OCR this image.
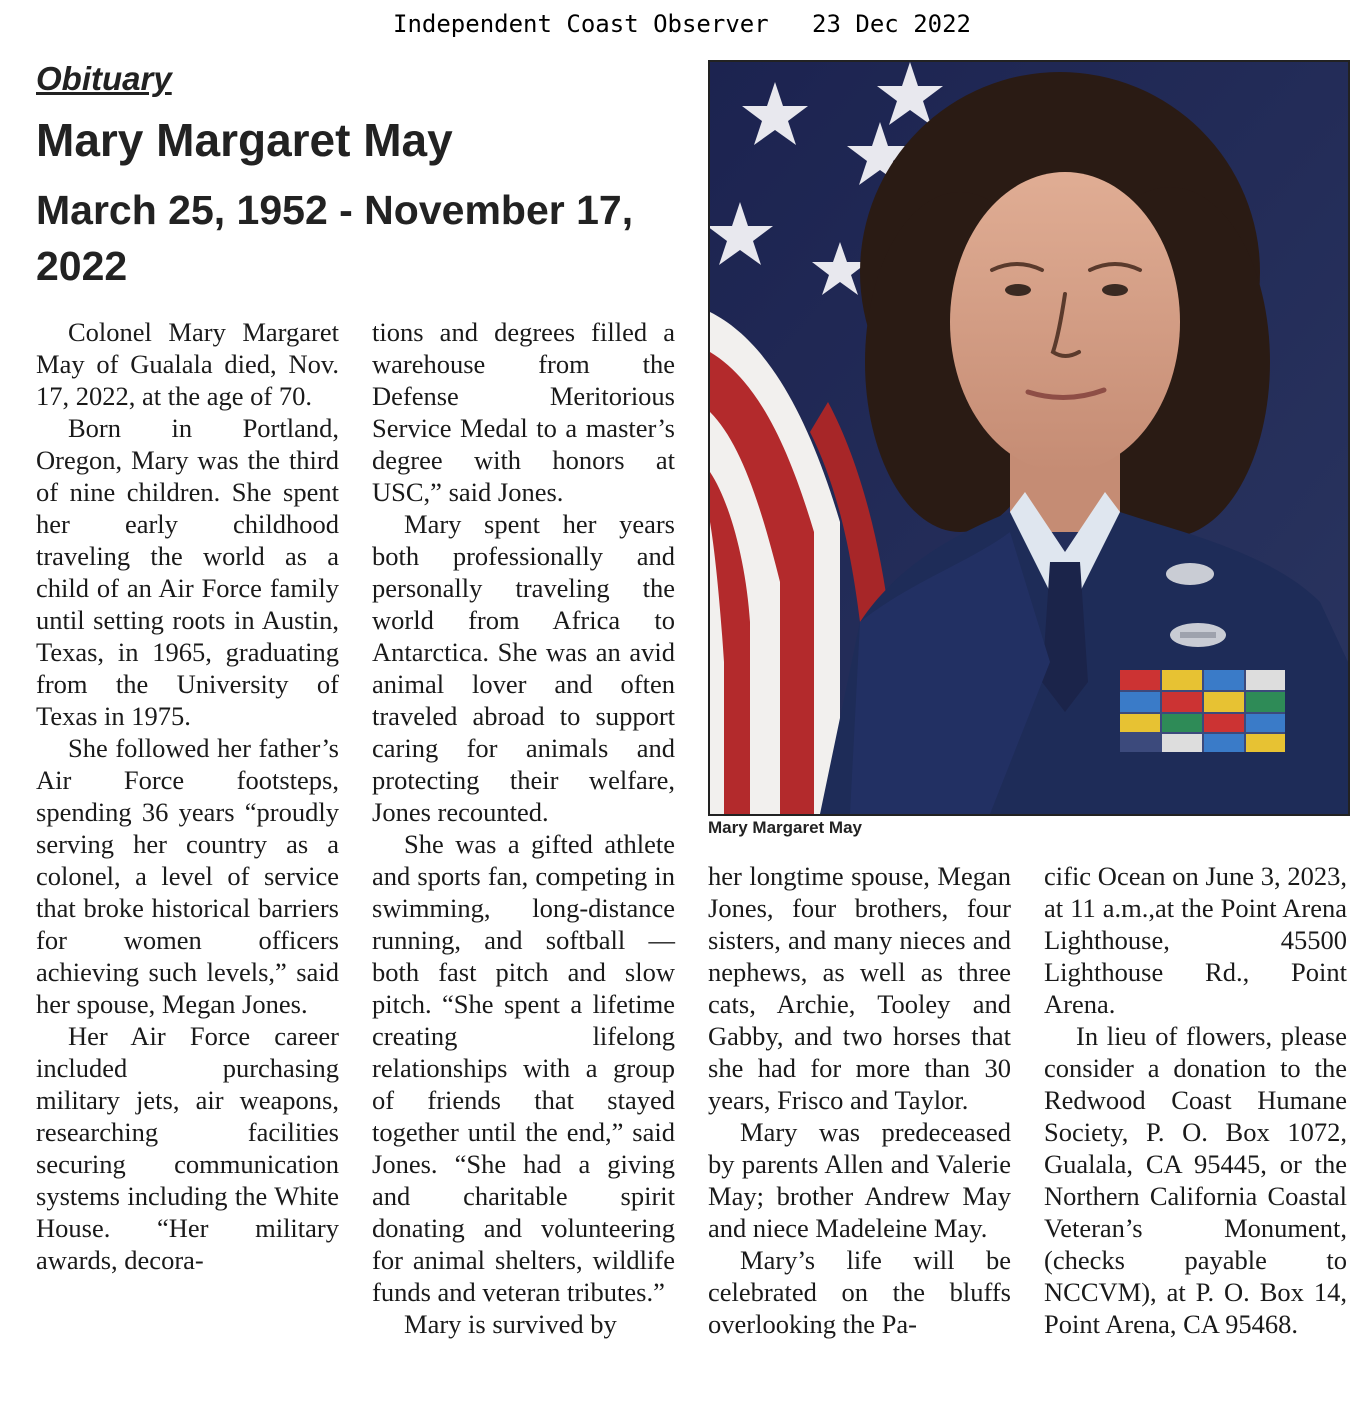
Independent Coast Observer 23 Dec 2022
Obituary
Mary Margaret May
March 25, 1952 - November 17, 2022

Colonel Mary Margaret May of Gualala died, Nov. 17, 2022, at the age of 70.

Born in Portland, Oregon, Mary was the third of nine children. She spent her early childhood traveling the world as a child of an Air Force family until setting roots in Austin, Texas, in 1965, graduating from the University of Texas in 1975.

She followed her father’s Air Force footsteps, spending 36 years “proudly serving her country as a colonel, a level of service that broke historical barriers for women officers achieving such levels,” said her spouse, Megan Jones.

Her Air Force career included purchasing military jets, air weapons, researching facilities securing communication systems including the White House. “Her military awards, decora-

tions and degrees filled a warehouse from the Defense Meritorious Service Medal to a master’s degree with honors at USC,” said Jones.

Mary spent her years both professionally and personally traveling the world from Africa to Antarctica. She was an avid animal lover and often traveled abroad to support caring for animals and protecting their welfare, Jones recounted.

She was a gifted athlete and sports fan, competing in swimming, long-distance running, and softball — both fast pitch and slow pitch. “She spent a lifetime creating lifelong relationships with a group of friends that stayed together until the end,” said Jones. “She had a giving and charitable spirit donating and volunteering for animal shelters, wildlife funds and veteran tributes.”

Mary is survived by

Mary Margaret May

her longtime spouse, Megan Jones, four brothers, four sisters, and many nieces and nephews, as well as three cats, Archie, Tooley and Gabby, and two horses that she had for more than 30 years, Frisco and Taylor.

Mary was predeceased by parents Allen and Valerie May; brother Andrew May and niece Madeleine May.

Mary’s life will be celebrated on the bluffs overlooking the Pa-

cific Ocean on June 3, 2023, at 11 a.m.,at the Point Arena Lighthouse, 45500 Lighthouse Rd., Point Arena.

In lieu of flowers, please consider a donation to the Redwood Coast Humane Society, P. O. Box 1072, Gualala, CA 95445, or the Northern California Coastal Veteran’s Monument, (checks payable to NCCVM), at P. O. Box 14, Point Arena, CA 95468.
